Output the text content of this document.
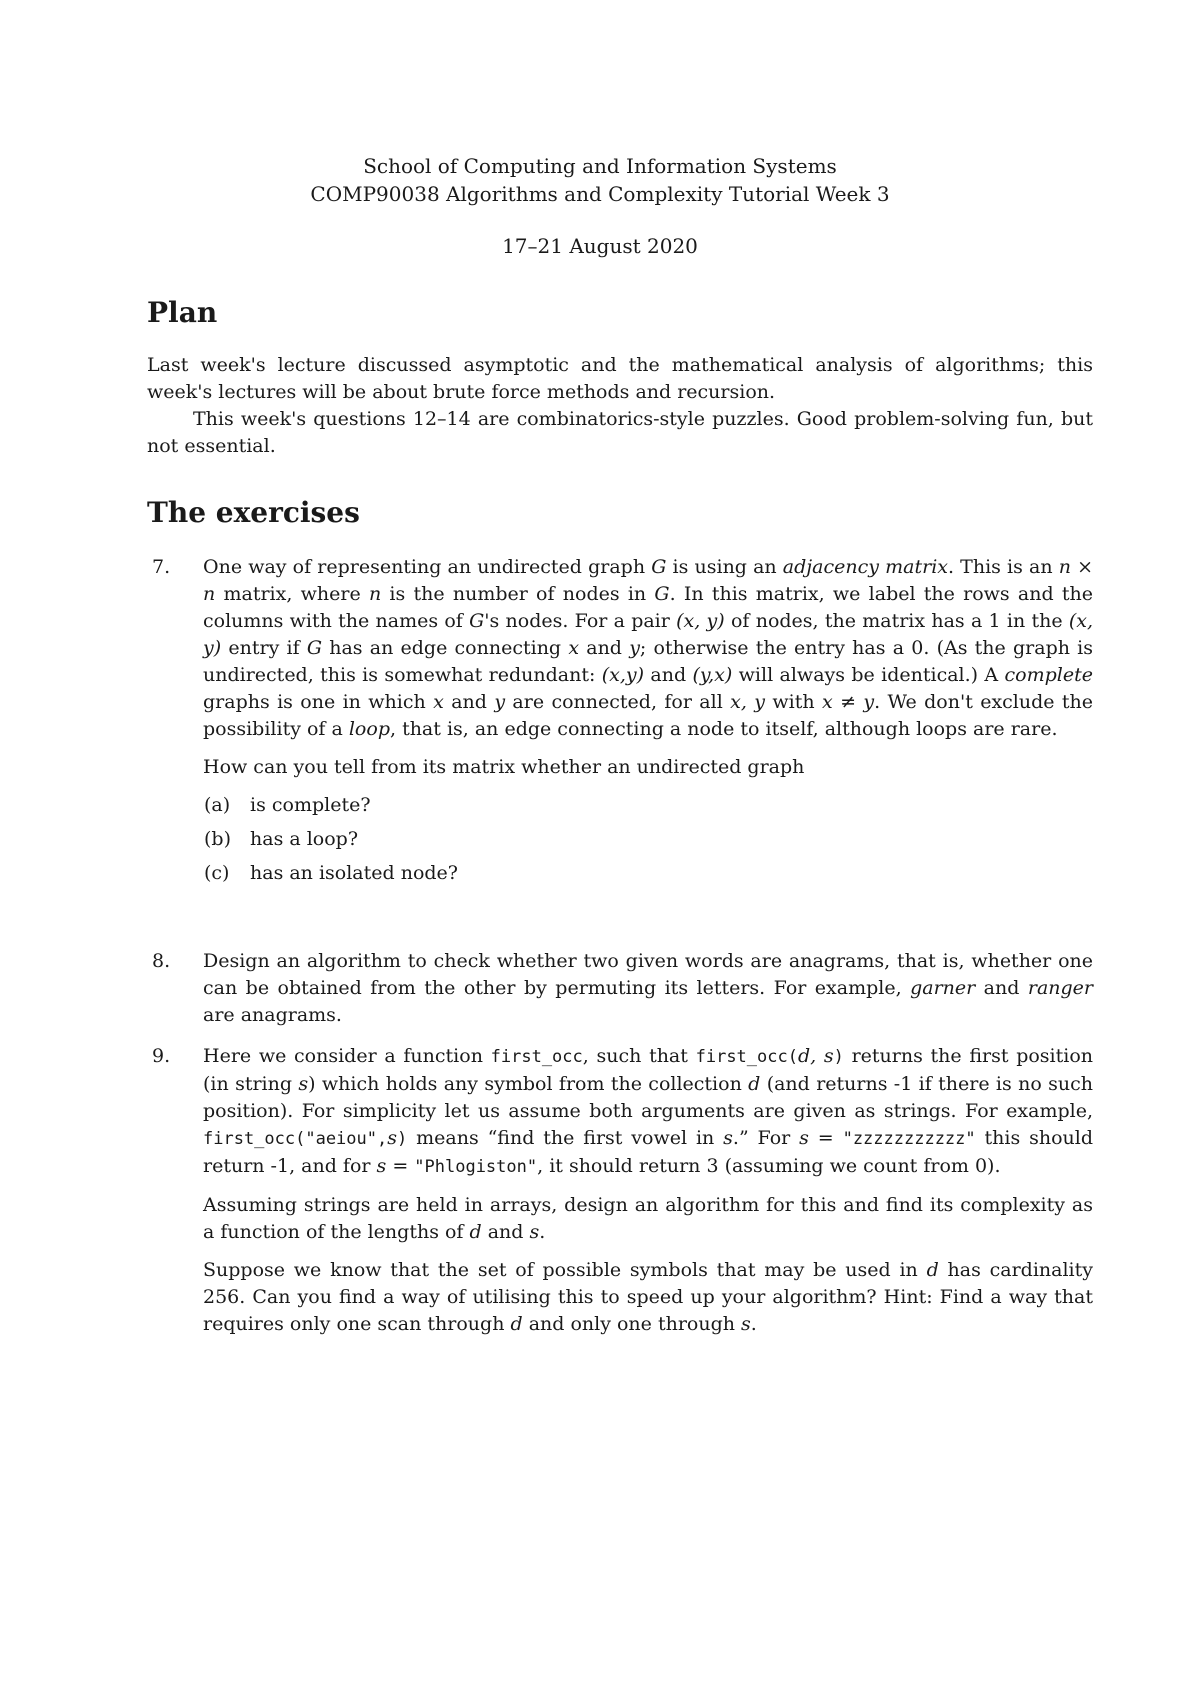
School of Computing and Information Systems
COMP90038 Algorithms and Complexity Tutorial Week 3
17–21 August 2020
Plan
Last week's lecture discussed asymptotic and the mathematical analysis of algorithms; this week's lectures will be about brute force methods and recursion.
This week's questions 12–14 are combinatorics-style puzzles. Good problem-solving fun, but not essential.
The exercises
7. One way of representing an undirected graph G is using an adjacency matrix. This is an n × n matrix, where n is the number of nodes in G. In this matrix, we label the rows and the columns with the names of G's nodes. For a pair (x, y) of nodes, the matrix has a 1 in the (x, y) entry if G has an edge connecting x and y; otherwise the entry has a 0. (As the graph is undirected, this is somewhat redundant: (x,y) and (y,x) will always be identical.) A complete graphs is one in which x and y are connected, for all x, y with x ≠ y. We don't exclude the possibility of a loop, that is, an edge connecting a node to itself, although loops are rare.

How can you tell from its matrix whether an undirected graph

(a) is complete?
(b) has a loop?
(c) has an isolated node?
8. Design an algorithm to check whether two given words are anagrams, that is, whether one can be obtained from the other by permuting its letters. For example, garner and ranger are anagrams.

9. Here we consider a function first_occ, such that first_occ(d, s) returns the first position (in string s) which holds any symbol from the collection d (and returns -1 if there is no such position). For simplicity let us assume both arguments are given as strings. For example, first_occ("aeiou",s) means “find the first vowel in s.” For s = "zzzzzzzzzzz" this should return -1, and for s = "Phlogiston", it should return 3 (assuming we count from 0).

Assuming strings are held in arrays, design an algorithm for this and find its complexity as a function of the lengths of d and s.

Suppose we know that the set of possible symbols that may be used in d has cardinality 256. Can you find a way of utilising this to speed up your algorithm? Hint: Find a way that requires only one scan through d and only one through s.
